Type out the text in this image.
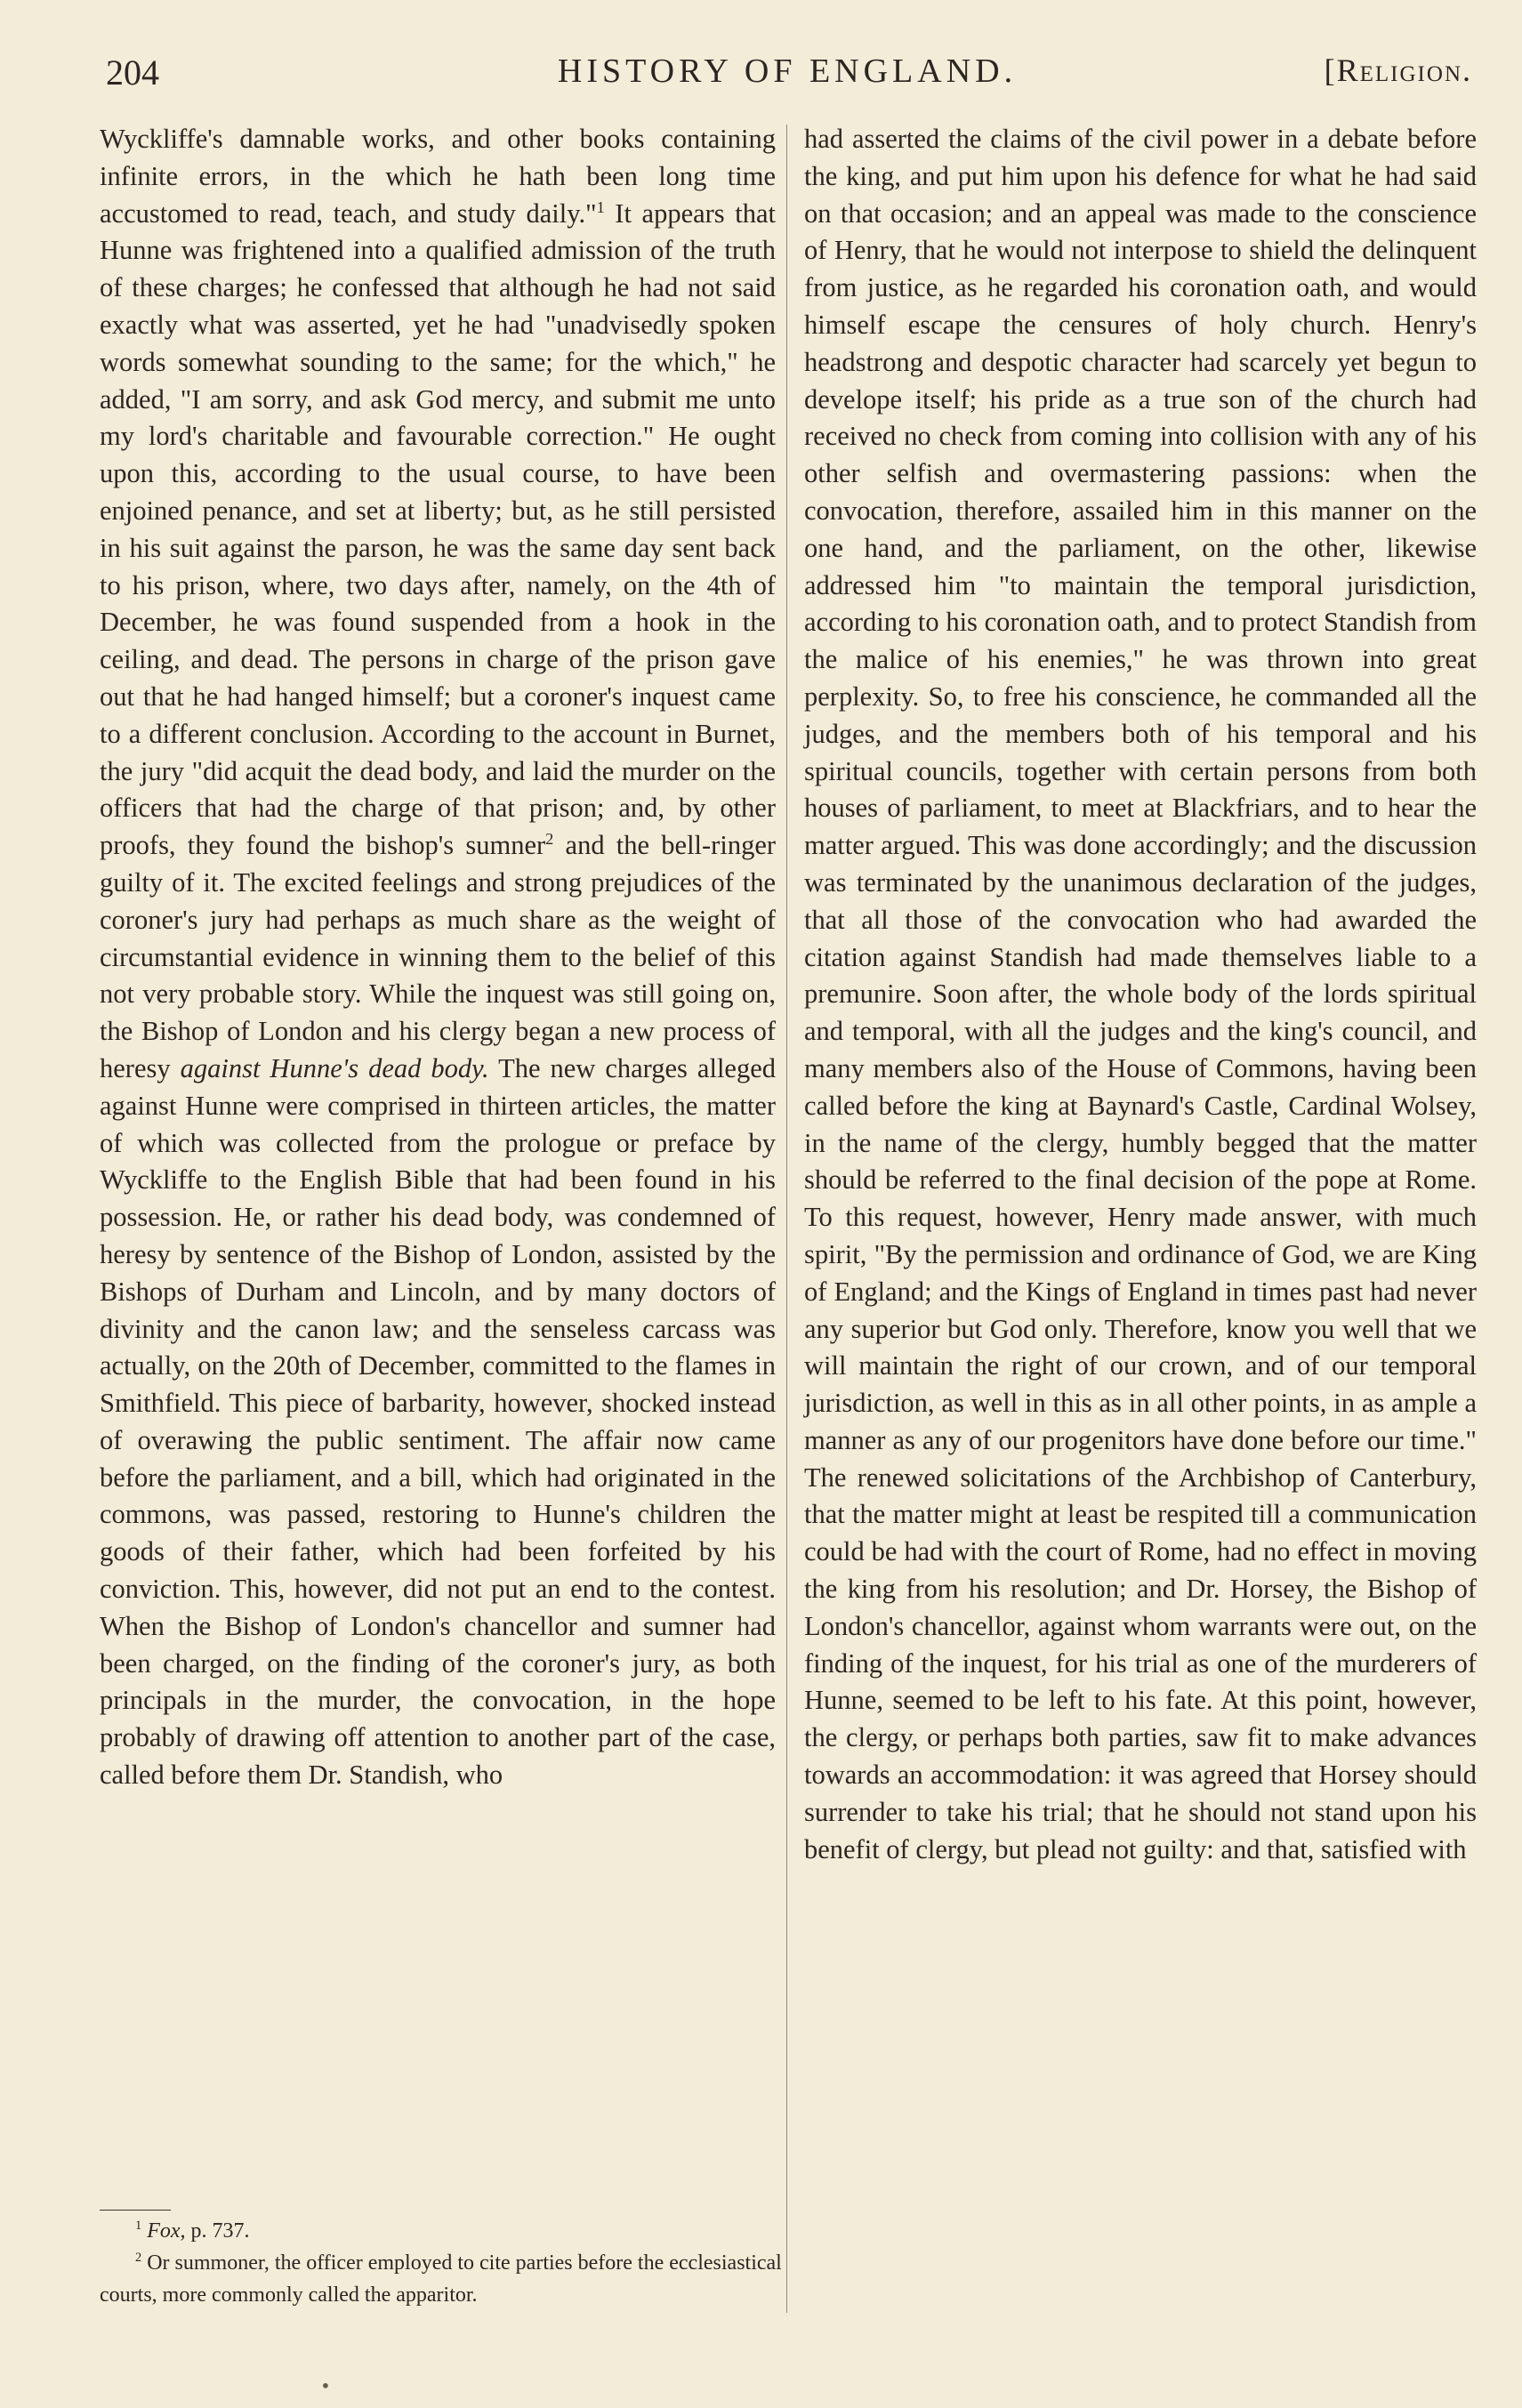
204	HISTORY OF ENGLAND.	[Religion.

Wyckliffe's damnable works, and other books containing infinite errors, in the which he hath been long time accustomed to read, teach, and study daily."$^1$ It appears that Hunne was frightened into a qualified admission of the truth of these charges; he confessed that although he had not said exactly what was asserted, yet he had "unadvisedly spoken words somewhat sounding to the same; for the which," he added, "I am sorry, and ask God mercy, and submit me unto my lord's charitable and favourable correction." He ought upon this, according to the usual course, to have been enjoined penance, and set at liberty; but, as he still persisted in his suit against the parson, he was the same day sent back to his prison, where, two days after, namely, on the 4th of December, he was found suspended from a hook in the ceiling, and dead. The persons in charge of the prison gave out that he had hanged himself; but a coroner's inquest came to a different conclusion. According to the account in Burnet, the jury "did acquit the dead body, and laid the murder on the officers that had the charge of that prison; and, by other proofs, they found the bishop's sumner$^2$ and the bell-ringer guilty of it. The excited feelings and strong prejudices of the coroner's jury had perhaps as much share as the weight of circumstantial evidence in winning them to the belief of this not very probable story. While the inquest was still going on, the Bishop of London and his clergy began a new process of heresy against Hunne's dead body. The new charges alleged against Hunne were comprised in thirteen articles, the matter of which was collected from the prologue or preface by Wyckliffe to the English Bible that had been found in his possession. He, or rather his dead body, was condemned of heresy by sentence of the Bishop of London, assisted by the Bishops of Durham and Lincoln, and by many doctors of divinity and the canon law; and the senseless carcass was actually, on the 20th of December, committed to the flames in Smithfield. This piece of barbarity, however, shocked instead of overawing the public sentiment. The affair now came before the parliament, and a bill, which had originated in the commons, was passed, restoring to Hunne's children the goods of their father, which had been forfeited by his conviction. This, however, did not put an end to the contest. When the Bishop of London's chancellor and sumner had been charged, on the finding of the coroner's jury, as both principals in the murder, the convocation, in the hope probably of drawing off attention to another part of the case, called before them Dr. Standish, who

had asserted the claims of the civil power in a debate before the king, and put him upon his defence for what he had said on that occasion; and an appeal was made to the conscience of Henry, that he would not interpose to shield the delinquent from justice, as he regarded his coronation oath, and would himself escape the censures of holy church. Henry's headstrong and despotic character had scarcely yet begun to develope itself; his pride as a true son of the church had received no check from coming into collision with any of his other selfish and overmastering passions: when the convocation, therefore, assailed him in this manner on the one hand, and the parliament, on the other, likewise addressed him "to maintain the temporal jurisdiction, according to his coronation oath, and to protect Standish from the malice of his enemies," he was thrown into great perplexity. So, to free his conscience, he commanded all the judges, and the members both of his temporal and his spiritual councils, together with certain persons from both houses of parliament, to meet at Blackfriars, and to hear the matter argued. This was done accordingly; and the discussion was terminated by the unanimous declaration of the judges, that all those of the convocation who had awarded the citation against Standish had made themselves liable to a premunire. Soon after, the whole body of the lords spiritual and temporal, with all the judges and the king's council, and many members also of the House of Commons, having been called before the king at Baynard's Castle, Cardinal Wolsey, in the name of the clergy, humbly begged that the matter should be referred to the final decision of the pope at Rome. To this request, however, Henry made answer, with much spirit, "By the permission and ordinance of God, we are King of England; and the Kings of England in times past had never any superior but God only. Therefore, know you well that we will maintain the right of our crown, and of our temporal jurisdiction, as well in this as in all other points, in as ample a manner as any of our progenitors have done before our time." The renewed solicitations of the Archbishop of Canterbury, that the matter might at least be respited till a communication could be had with the court of Rome, had no effect in moving the king from his resolution; and Dr. Horsey, the Bishop of London's chancellor, against whom warrants were out, on the finding of the inquest, for his trial as one of the murderers of Hunne, seemed to be left to his fate. At this point, however, the clergy, or perhaps both parties, saw fit to make advances towards an accommodation: it was agreed that Horsey should surrender to take his trial; that he should not stand upon his benefit of clergy, but plead not guilty: and that, satisfied with

$^1$ Fox, p. 737.

$^2$ Or summoner, the officer employed to cite parties before the ecclesiastical courts, more commonly called the apparitor.

•
